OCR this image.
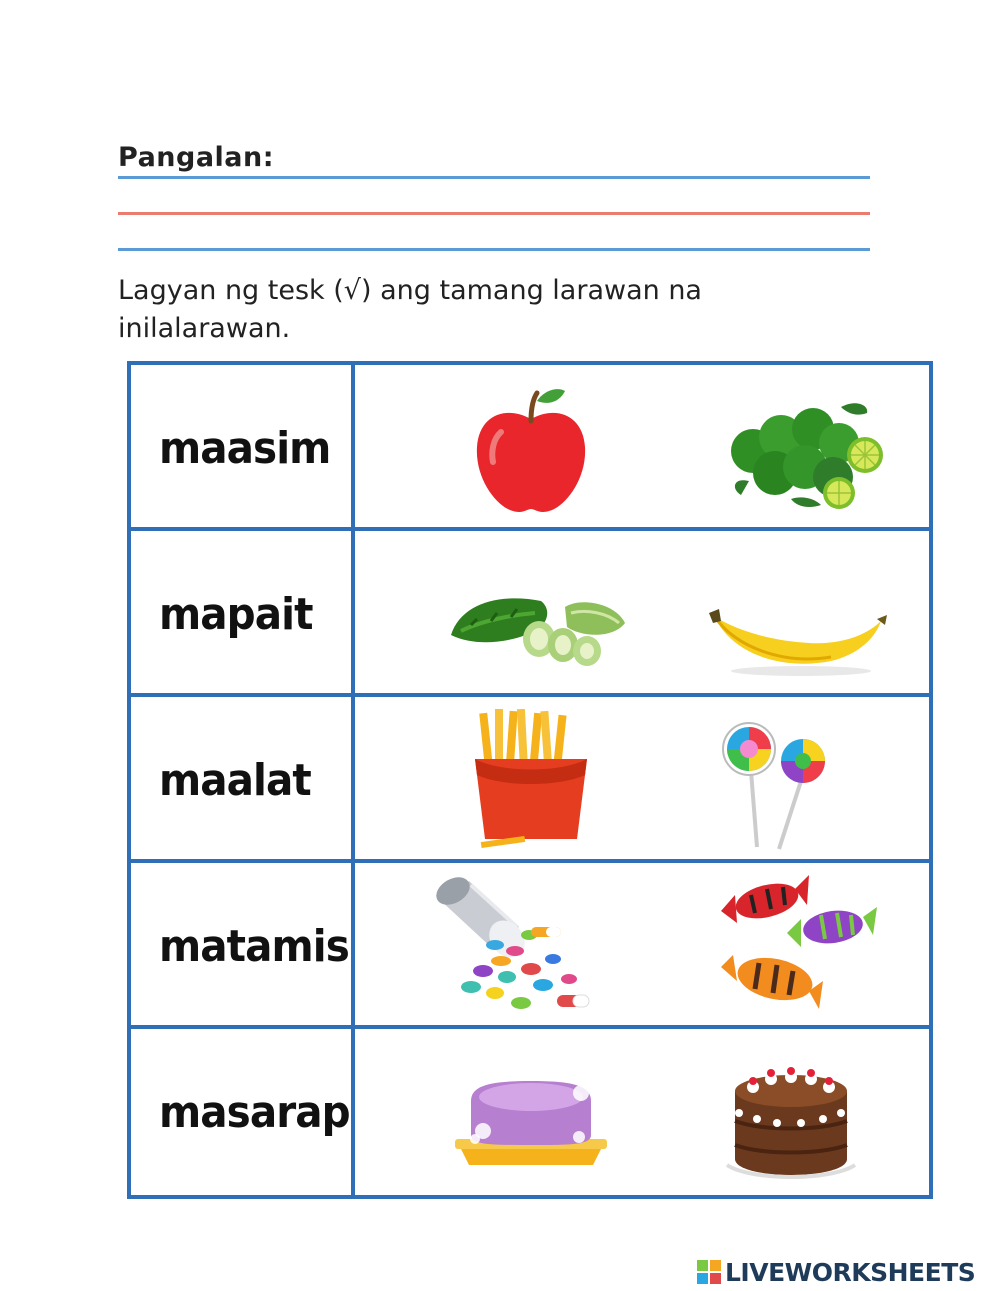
Pangalan:
Lagyan ng tesk (√) ang tamang larawan na inilalarawan.
maasim
mapait
maalat
matamis
masarap
LIVEWORKSHEETS
